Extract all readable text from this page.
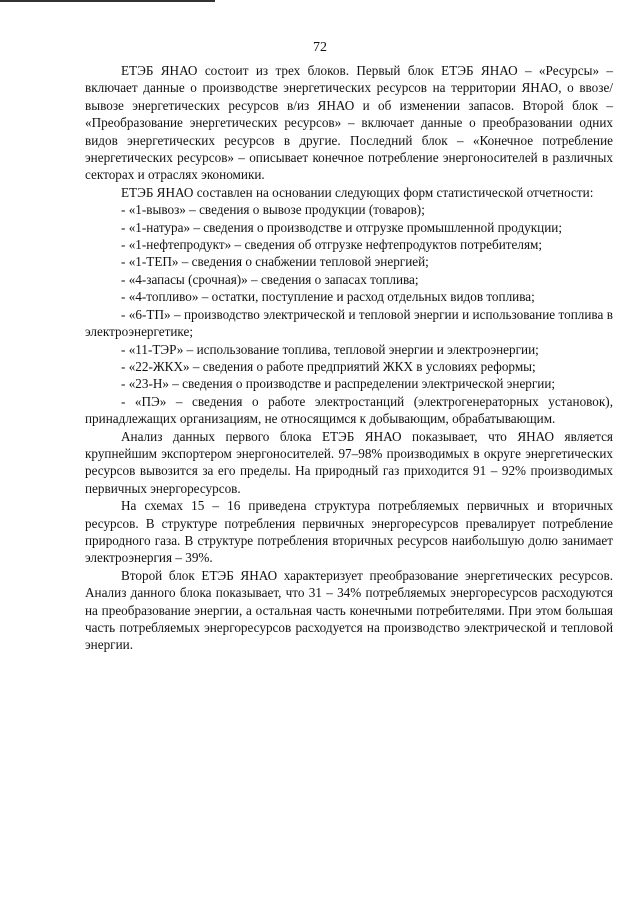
72

ЕТЭБ ЯНАО состоит из трех блоков. Первый блок ЕТЭБ ЯНАО – «Ресурсы» – включает данные о производстве энергетических ресурсов на территории ЯНАО, о ввозе/вывозе энергетических ресурсов в/из ЯНАО и об изменении запасов. Второй блок – «Преобразование энергетических ресурсов» – включает данные о преобразовании одних видов энергетических ресурсов в другие. Последний блок – «Конечное потребление энергетических ресурсов» – описывает конечное потребление энергоносителей в различных секторах и отраслях экономики.

ЕТЭБ ЯНАО составлен на основании следующих форм статистической отчетности:

- «1-вывоз» – сведения о вывозе продукции (товаров);
- «1-натура» – сведения о производстве и отгрузке промышленной продукции;
- «1-нефтепродукт» – сведения об отгрузке нефтепродуктов потребителям;
- «1-ТЕП» – сведения о снабжении тепловой энергией;
- «4-запасы (срочная)» – сведения о запасах топлива;
- «4-топливо» – остатки, поступление и расход отдельных видов топлива;
- «6-ТП» – производство электрической и тепловой энергии и использование топлива в электроэнергетике;
- «11-ТЭР» – использование топлива, тепловой энергии и электроэнергии;
- «22-ЖКХ» – сведения о работе предприятий ЖКХ в условиях реформы;
- «23-Н» – сведения о производстве и распределении электрической энергии;
- «ПЭ» – сведения о работе электростанций (электрогенераторных установок), принадлежащих организациям, не относящимся к добывающим, обрабатывающим.

Анализ данных первого блока ЕТЭБ ЯНАО показывает, что ЯНАО является крупнейшим экспортером энергоносителей. 97–98% производимых в округе энергетических ресурсов вывозится за его пределы. На природный газ приходится 91 – 92% производимых первичных энергоресурсов.

На схемах 15 – 16 приведена структура потребляемых первичных и вторичных ресурсов. В структуре потребления первичных энергоресурсов превалирует потребление природного газа. В структуре потребления вторичных ресурсов наибольшую долю занимает электроэнергия – 39%.

Второй блок ЕТЭБ ЯНАО характеризует преобразование энергетических ресурсов. Анализ данного блока показывает, что 31 – 34% потребляемых энергоресурсов расходуются на преобразование энергии, а остальная часть конечными потребителями. При этом большая часть потребляемых энергоресурсов расходуется на производство электрической и тепловой энергии.
